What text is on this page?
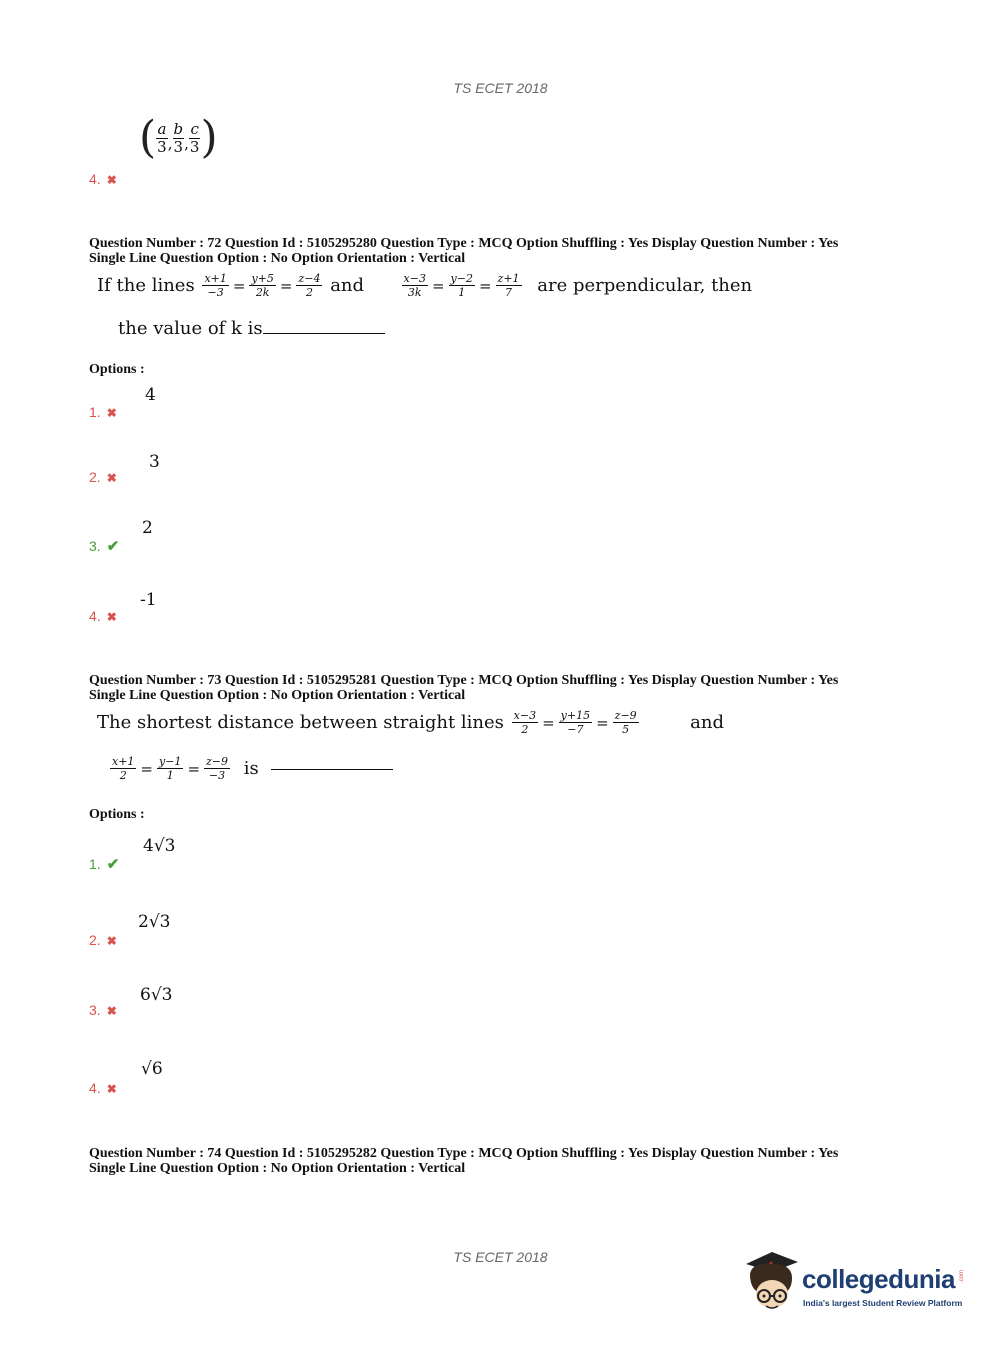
TS ECET 2018
( $\frac{a}{3}$ , $\frac{b}{3}$ , $\frac{c}{3}$ )
4. ✖
Question Number : 72 Question Id : 5105295280 Question Type : MCQ Option Shuffling : Yes Display Question Number : Yes
Single Line Question Option : No Option Orientation : Vertical
If the lines $\frac{x+1}{-3} = \frac{y+5}{2k} = \frac{z-4}{2}$ and	$\frac{x-3}{3k} = \frac{y-2}{1} = \frac{z+1}{7}$ are perpendicular, then
the value of k is
Options :
4
1. ✖
3
2. ✖
2
3. ✔
-1
4. ✖
Question Number : 73 Question Id : 5105295281 Question Type : MCQ Option Shuffling : Yes Display Question Number : Yes
Single Line Question Option : No Option Orientation : Vertical
The shortest distance between straight lines $\frac{x-3}{2} = \frac{y+15}{-7} = \frac{z-9}{5}$	and
$\frac{x+1}{2} = \frac{y-1}{1} = \frac{z-9}{-3}$ is
Options :
4√3
1. ✔
2√3
2. ✖
6√3
3. ✖
√6
4. ✖
Question Number : 74 Question Id : 5105295282 Question Type : MCQ Option Shuffling : Yes Display Question Number : Yes
Single Line Question Option : No Option Orientation : Vertical
TS ECET 2018
collegedunia .com
India's largest Student Review Platform
